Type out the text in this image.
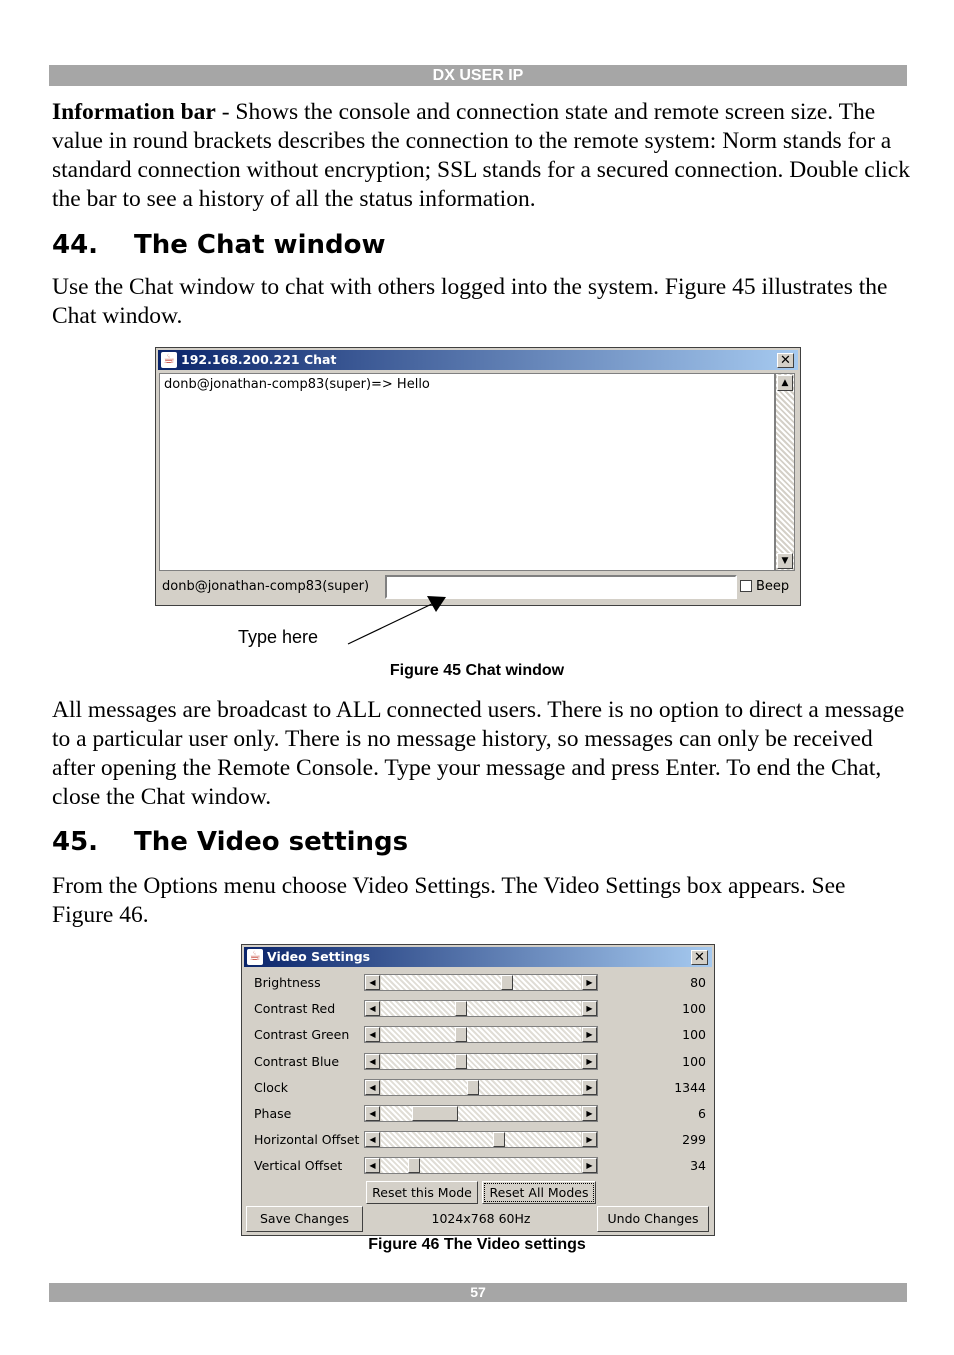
DX USER IP

Information bar - Shows the console and connection state and remote screen size. The value in round brackets describes the connection to the remote system: Norm stands for a standard connection without encryption; SSL stands for a secured connection. Double click the bar to see a history of all the status information.

44. The Chat window

Use the Chat window to chat with others logged into the system. Figure 45 illustrates the Chat window.

☕ 192.168.200.221 Chat	✕
donb@jonathan-comp83(super)=> Hello	▲
▼
donb@jonathan-comp83(super)	Beep
Type here
Figure 45 Chat window

All messages are broadcast to ALL connected users. There is no option to direct a message to a particular user only. There is no message history, so messages can only be received after opening the Remote Console. Type your message and press Enter. To end the Chat, close the Chat window.

45. The Video settings

From the Options menu choose Video Settings. The Video Settings box appears. See Figure 46.

☕ Video Settings	✕
Brightness	◀	▶	80
Contrast Red	◀	▶	100
Contrast Green	◀	▶	100
Contrast Blue	◀	▶	100
Clock	◀	▶	1344
Phase	◀	▶	6
Horizontal Offset	◀	▶	299
Vertical Offset	◀	▶	34
Reset this Mode	Reset All Modes
Save Changes	1024x768 60Hz	Undo Changes
Figure 46 The Video settings
57
